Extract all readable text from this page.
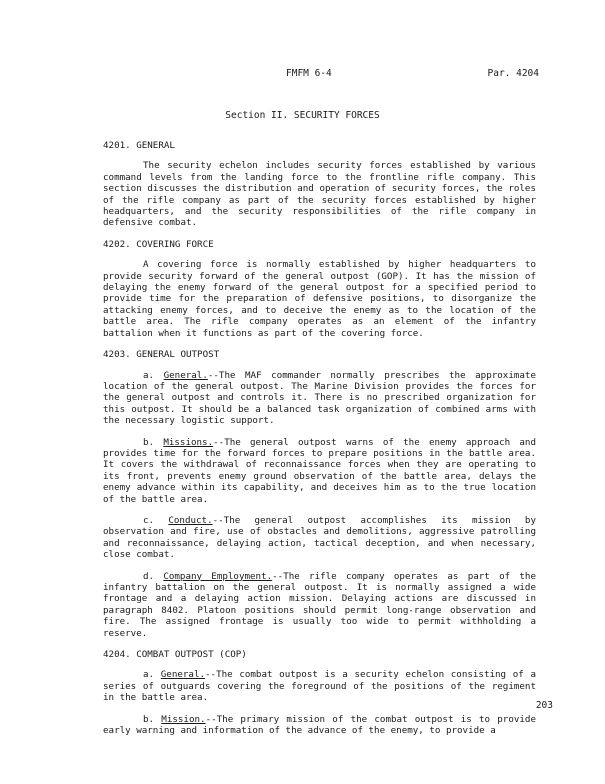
FMFM 6-4	Par. 4204
Section II. SECURITY FORCES
4201. GENERAL

The security echelon includes security forces established by various command levels from the landing force to the frontline rifle company. This section discusses the distribution and operation of security forces, the roles of the rifle company as part of the security forces established by higher headquarters, and the security responsibilities of the rifle company in defensive combat.

4202. COVERING FORCE

A covering force is normally established by higher headquarters to provide security forward of the general outpost (GOP). It has the mission of delaying the enemy forward of the general outpost for a specified period to provide time for the preparation of defensive positions, to disorganize the attacking enemy forces, and to deceive the enemy as to the location of the battle area. The rifle company operates as an element of the infantry battalion when it functions as part of the covering force.

4203. GENERAL OUTPOST

a. General.--The MAF commander normally prescribes the approximate location of the general outpost. The Marine Division provides the forces for the general outpost and controls it. There is no prescribed organization for this outpost. It should be a balanced task organization of combined arms with the necessary logistic support.

b. Missions.--The general outpost warns of the enemy approach and provides time for the forward forces to prepare positions in the battle area. It covers the withdrawal of reconnaissance forces when they are operating to its front, prevents enemy ground observation of the battle area, delays the enemy advance within its capability, and deceives him as to the true location of the battle area.

c. Conduct.--The general outpost accomplishes its mission by observation and fire, use of obstacles and demolitions, aggressive patrolling and reconnaissance, delaying action, tactical deception, and when necessary, close combat.

d. Company Employment.--The rifle company operates as part of the infantry battalion on the general outpost. It is normally assigned a wide frontage and a delaying action mission. Delaying actions are discussed in paragraph 8402. Platoon positions should permit long-range observation and fire. The assigned frontage is usually too wide to permit withholding a reserve.

4204. COMBAT OUTPOST (COP)

a. General.--The combat outpost is a security echelon consisting of a series of outguards covering the foreground of the positions of the regiment in the battle area.

b. Mission.--The primary mission of the combat outpost is to provide early warning and information of the advance of the enemy, to provide a

203
